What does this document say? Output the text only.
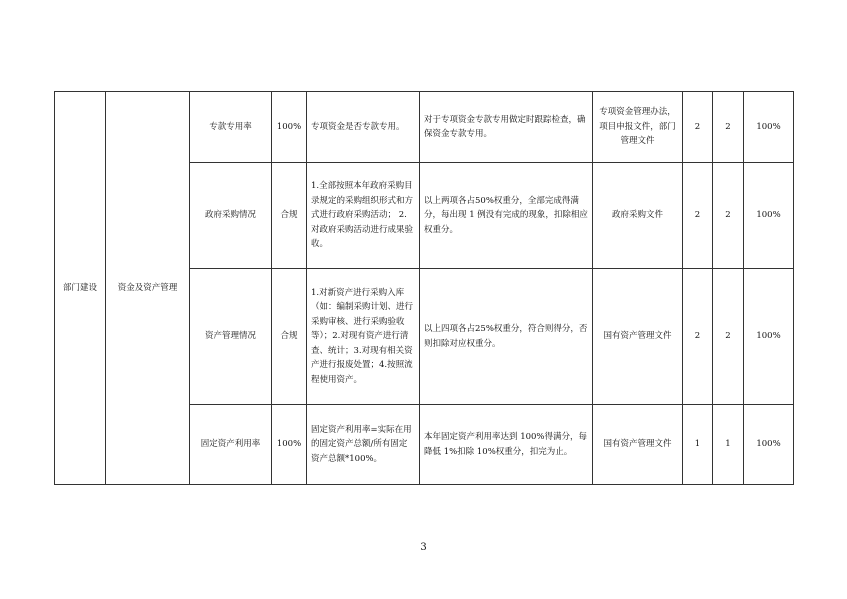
部门建设	资金及资产管理	专款专用率	100%	专项资金是否专款专用。	对于专项资金专款专用做定时跟踪检查，确保资金专款专用。	专项资金管理办法，项目申报文件，部门管理文件	2	2	100%
		政府采购情况	合规	1.全部按照本年政府采购目录规定的采购组织形式和方式进行政府采购活动； 2.对政府采购活动进行成果验收。	以上两项各占50%权重分，全部完成得满分，每出现 1 例没有完成的现象，扣除相应权重分。	政府采购文件	2	2	100%
		资产管理情况	合规	1.对新资产进行采购入库（如：编制采购计划、进行 采购审核、进行采购验收等）；2.对现有资产进行清查、统计；3.对现有相关资产进行报废处置；4.按照流程使用资产。	以上四项各占25%权重分，符合则得分，否则扣除对应权重分。	国有资产管理文件	2	2	100%
		固定资产利用率	100%	固定资产利用率=实际在用的固定资产总额/所有固定资产总额*100%。	本年固定资产利用率达到 100%得满分，每降低 1%扣除 10%权重分，扣完为止。	国有资产管理文件	1	1	100%
3
